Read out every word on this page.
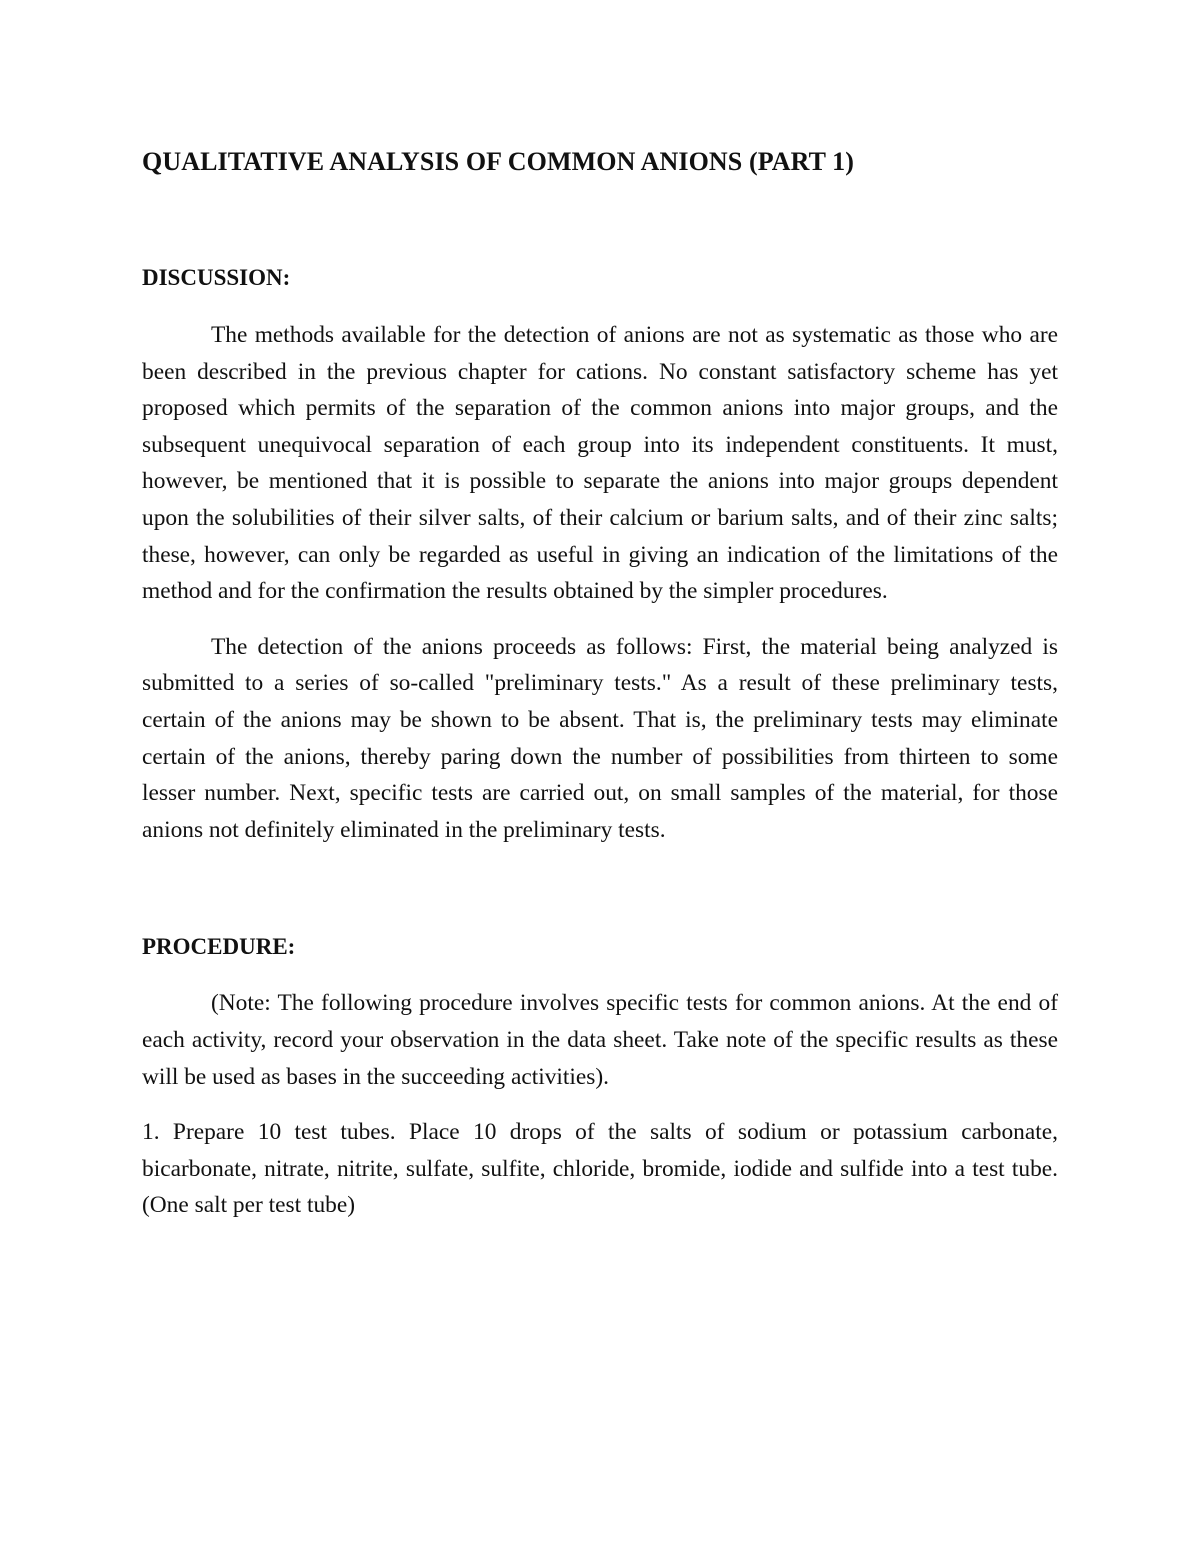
QUALITATIVE ANALYSIS OF COMMON ANIONS (PART 1)
DISCUSSION:

The methods available for the detection of anions are not as systematic as those who are been described in the previous chapter for cations. No constant satisfactory scheme has yet proposed which permits of the separation of the common anions into major groups, and the subsequent unequivocal separation of each group into its independent constituents. It must, however, be mentioned that it is possible to separate the anions into major groups dependent upon the solubilities of their silver salts, of their calcium or barium salts, and of their zinc salts; these, however, can only be regarded as useful in giving an indication of the limitations of the method and for the confirmation the results obtained by the simpler procedures.

The detection of the anions proceeds as follows: First, the material being analyzed is submitted to a series of so-called "preliminary tests." As a result of these preliminary tests, certain of the anions may be shown to be absent. That is, the preliminary tests may eliminate certain of the anions, thereby paring down the number of possibilities from thirteen to some lesser number. Next, specific tests are carried out, on small samples of the material, for those anions not definitely eliminated in the preliminary tests.

PROCEDURE:

(Note: The following procedure involves specific tests for common anions. At the end of each activity, record your observation in the data sheet. Take note of the specific results as these will be used as bases in the succeeding activities).

1. Prepare 10 test tubes. Place 10 drops of the salts of sodium or potassium carbonate, bicarbonate, nitrate, nitrite, sulfate, sulfite, chloride, bromide, iodide and sulfide into a test tube. (One salt per test tube)
